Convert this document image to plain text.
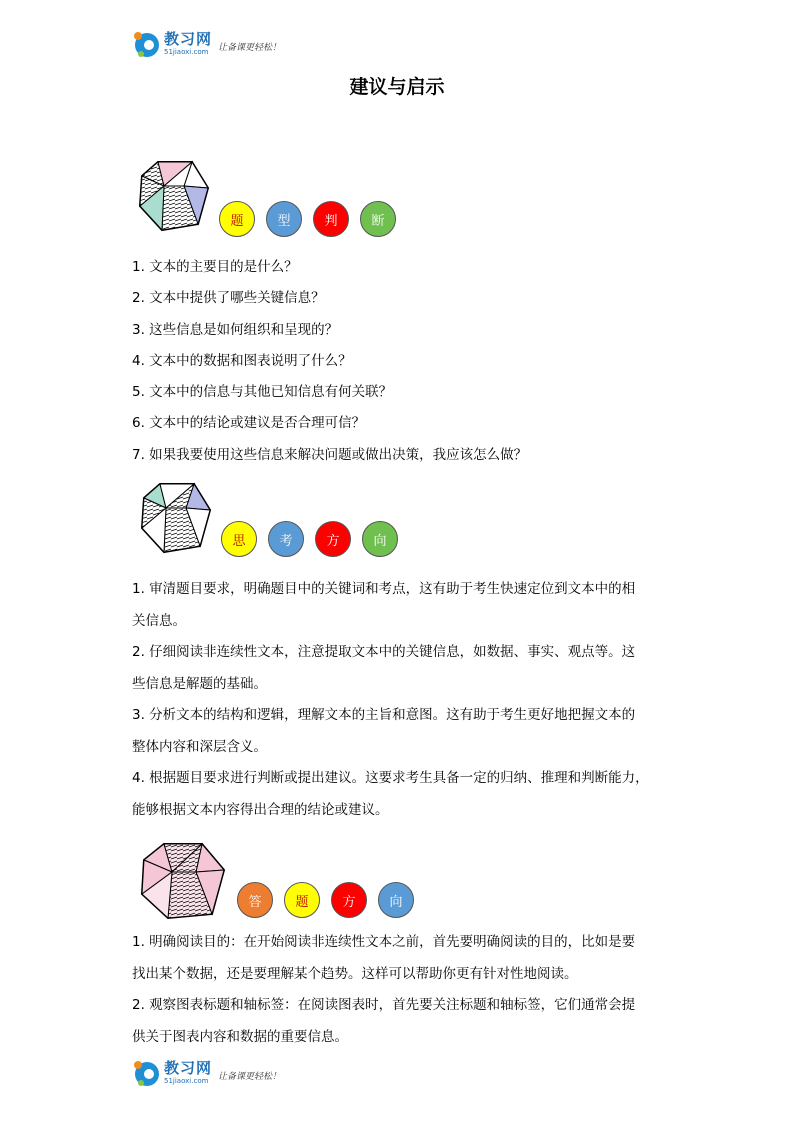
教习网
51jiaoxi.com	让备课更轻松！
建议与启示
题	型	判	断
1. 文本的主要目的是什么？
2. 文本中提供了哪些关键信息？
3. 这些信息是如何组织和呈现的？
4. 文本中的数据和图表说明了什么？
5. 文本中的信息与其他已知信息有何关联？
6. 文本中的结论或建议是否合理可信？
7. 如果我要使用这些信息来解决问题或做出决策，我应该怎么做？
思	考	方	向
1. 审清题目要求，明确题目中的关键词和考点，这有助于考生快速定位到文本中的相
关信息。
2. 仔细阅读非连续性文本，注意提取文本中的关键信息，如数据、事实、观点等。这
些信息是解题的基础。
3. 分析文本的结构和逻辑，理解文本的主旨和意图。这有助于考生更好地把握文本的
整体内容和深层含义。
4. 根据题目要求进行判断或提出建议。这要求考生具备一定的归纳、推理和判断能力，
能够根据文本内容得出合理的结论或建议。
答	题	方	向
1. 明确阅读目的：在开始阅读非连续性文本之前，首先要明确阅读的目的，比如是要
找出某个数据，还是要理解某个趋势。这样可以帮助你更有针对性地阅读。
2. 观察图表标题和轴标签：在阅读图表时，首先要关注标题和轴标签，它们通常会提
供关于图表内容和数据的重要信息。
教习网
51jiaoxi.com	让备课更轻松！
